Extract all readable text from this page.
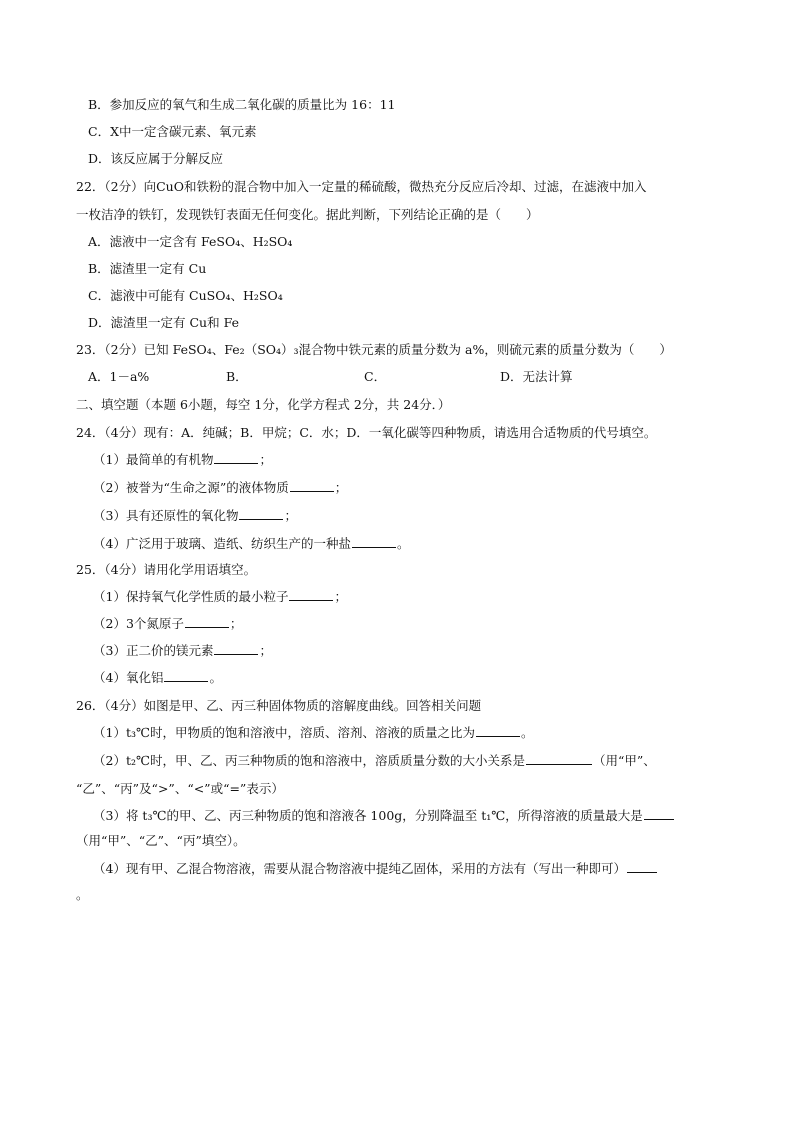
B．参加反应的氧气和生成二氧化碳的质量比为 16：11
C．X中一定含碳元素、氧元素
D．该反应属于分解反应
22．（2分）向CuO和铁粉的混合物中加入一定量的稀硫酸，微热充分反应后冷却、过滤，在滤液中加入
一枚洁净的铁钉，发现铁钉表面无任何变化。据此判断，下列结论正确的是（　　）
A．滤液中一定含有 FeSO₄、H₂SO₄
B．滤渣里一定有 Cu
C．滤液中可能有 CuSO₄、H₂SO₄
D．滤渣里一定有 Cu和 Fe
23．（2分）已知 FeSO₄、Fe₂（SO₄）₃混合物中铁元素的质量分数为 a%，则硫元素的质量分数为（　　）
A．1－a%	B．	C．	D．无法计算
二、填空题（本题 6小题，每空 1分，化学方程式 2分，共 24分．）
24．（4分）现有：A．纯碱；B．甲烷；C．水；D．一氧化碳等四种物质，请选用合适物质的代号填空。
（1）最简单的有机物	；
（2）被誉为“生命之源”的液体物质	；
（3）具有还原性的氧化物	；
（4）广泛用于玻璃、造纸、纺织生产的一种盐	。
25．（4分）请用化学用语填空。
（1）保持氧气化学性质的最小粒子	；
（2）3个氮原子	；
（3）正二价的镁元素	；
（4）氧化铝	。
26．（4分）如图是甲、乙、丙三种固体物质的溶解度曲线。回答相关问题
（1）t₃℃时，甲物质的饱和溶液中，溶质、溶剂、溶液的质量之比为	。
（2）t₂℃时，甲、乙、丙三种物质的饱和溶液中，溶质质量分数的大小关系是	（用“甲”、
“乙”、“丙”及“>”、“<”或“=”表示）
（3）将 t₃℃的甲、乙、丙三种物质的饱和溶液各 100g，分别降温至 t₁℃，所得溶液的质量最大是
（用“甲”、“乙”、“丙”填空）。
（4）现有甲、乙混合物溶液，需要从混合物溶液中提纯乙固体，采用的方法有（写出一种即可）
。
